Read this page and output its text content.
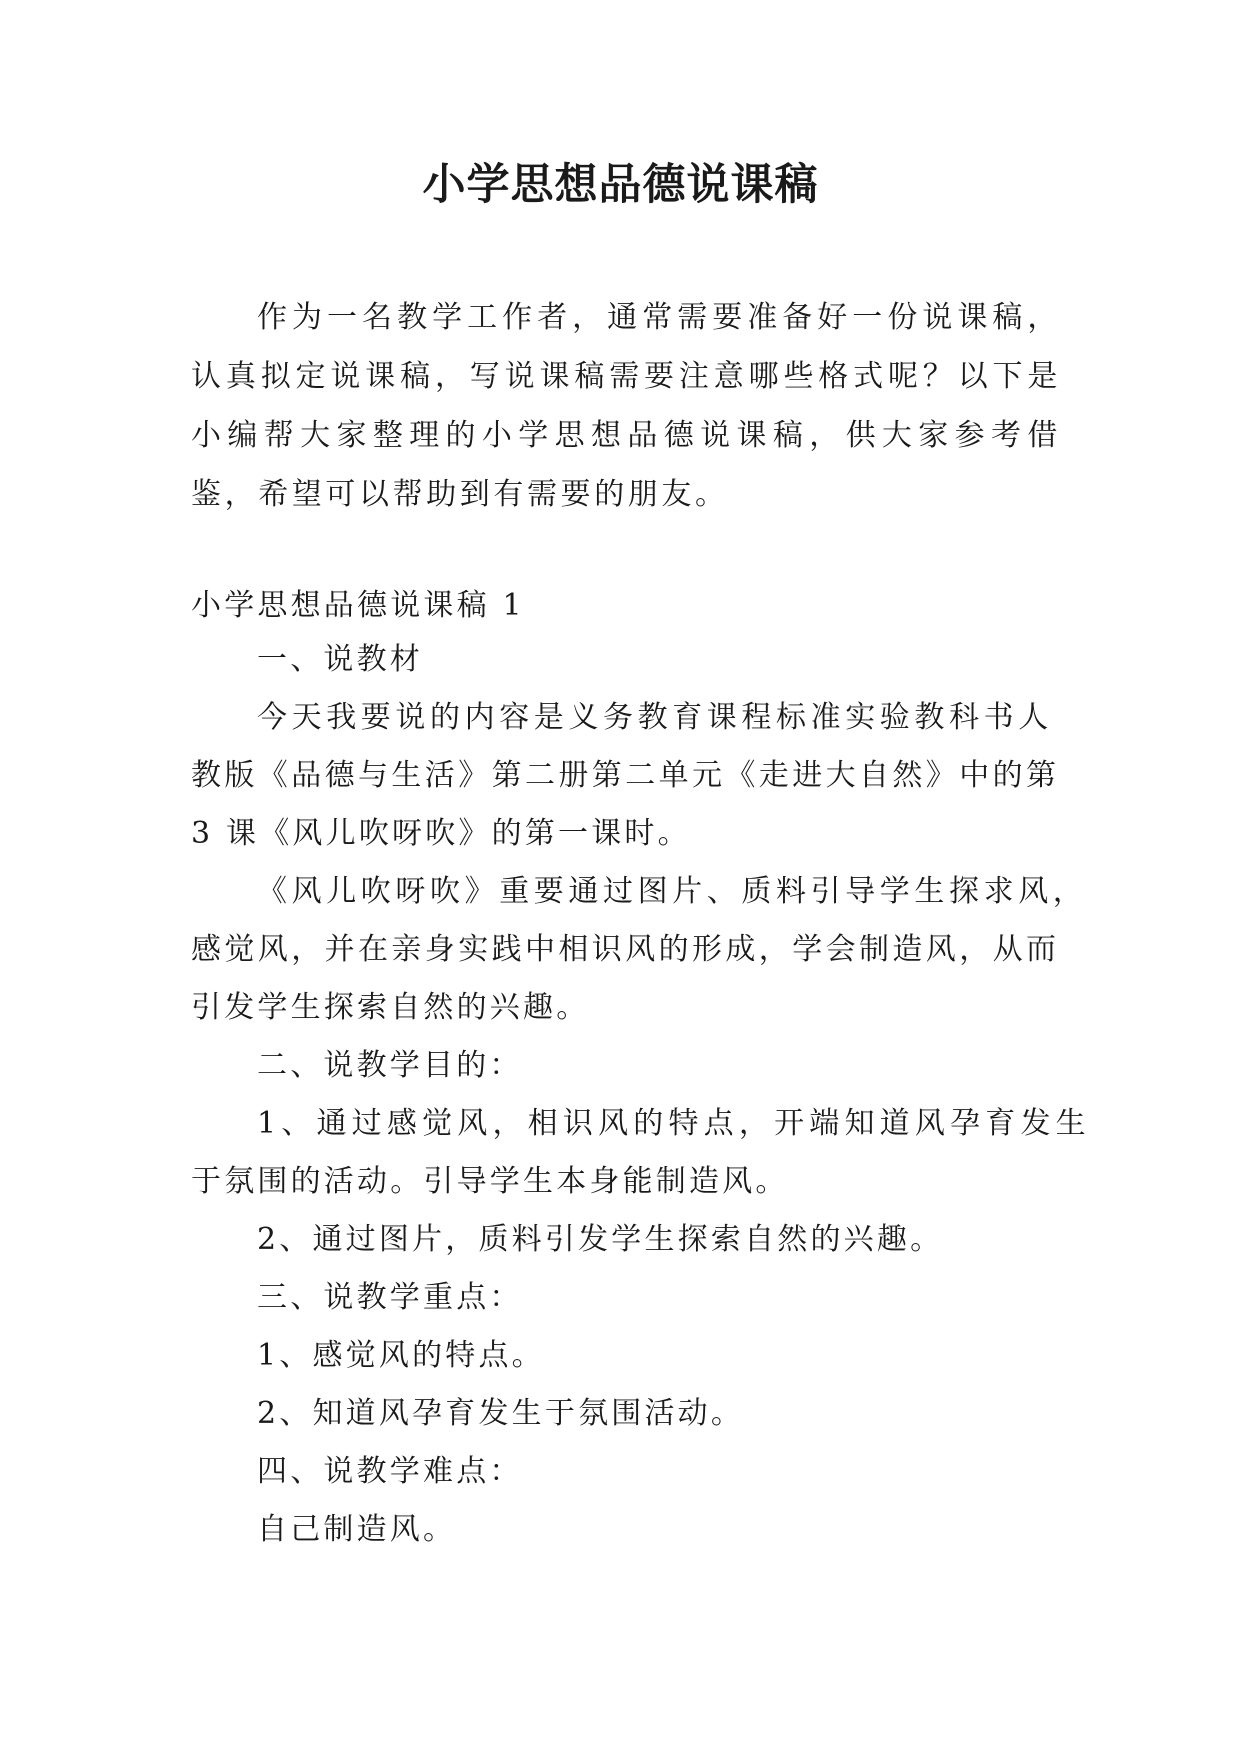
小学思想品德说课稿

作为一名教学工作者，通常需要准备好一份说课稿，认真拟定说课稿，写说课稿需要注意哪些格式呢？以下是小编帮大家整理的小学思想品德说课稿，供大家参考借鉴，希望可以帮助到有需要的朋友。

小学思想品德说课稿 1
一、说教材
今天我要说的内容是义务教育课程标准实验教科书人
教版《品德与生活》第二册第二单元《走进大自然》中的第
3 课《风儿吹呀吹》的第一课时。
《风儿吹呀吹》重要通过图片、质料引导学生探求风，
感觉风，并在亲身实践中相识风的形成，学会制造风，从而
引发学生探索自然的兴趣。
二、说教学目的：
1、通过感觉风，相识风的特点，开端知道风孕育发生
于氛围的活动。引导学生本身能制造风。
2、通过图片，质料引发学生探索自然的兴趣。
三、说教学重点：
1、感觉风的特点。
2、知道风孕育发生于氛围活动。
四、说教学难点：
自己制造风。
